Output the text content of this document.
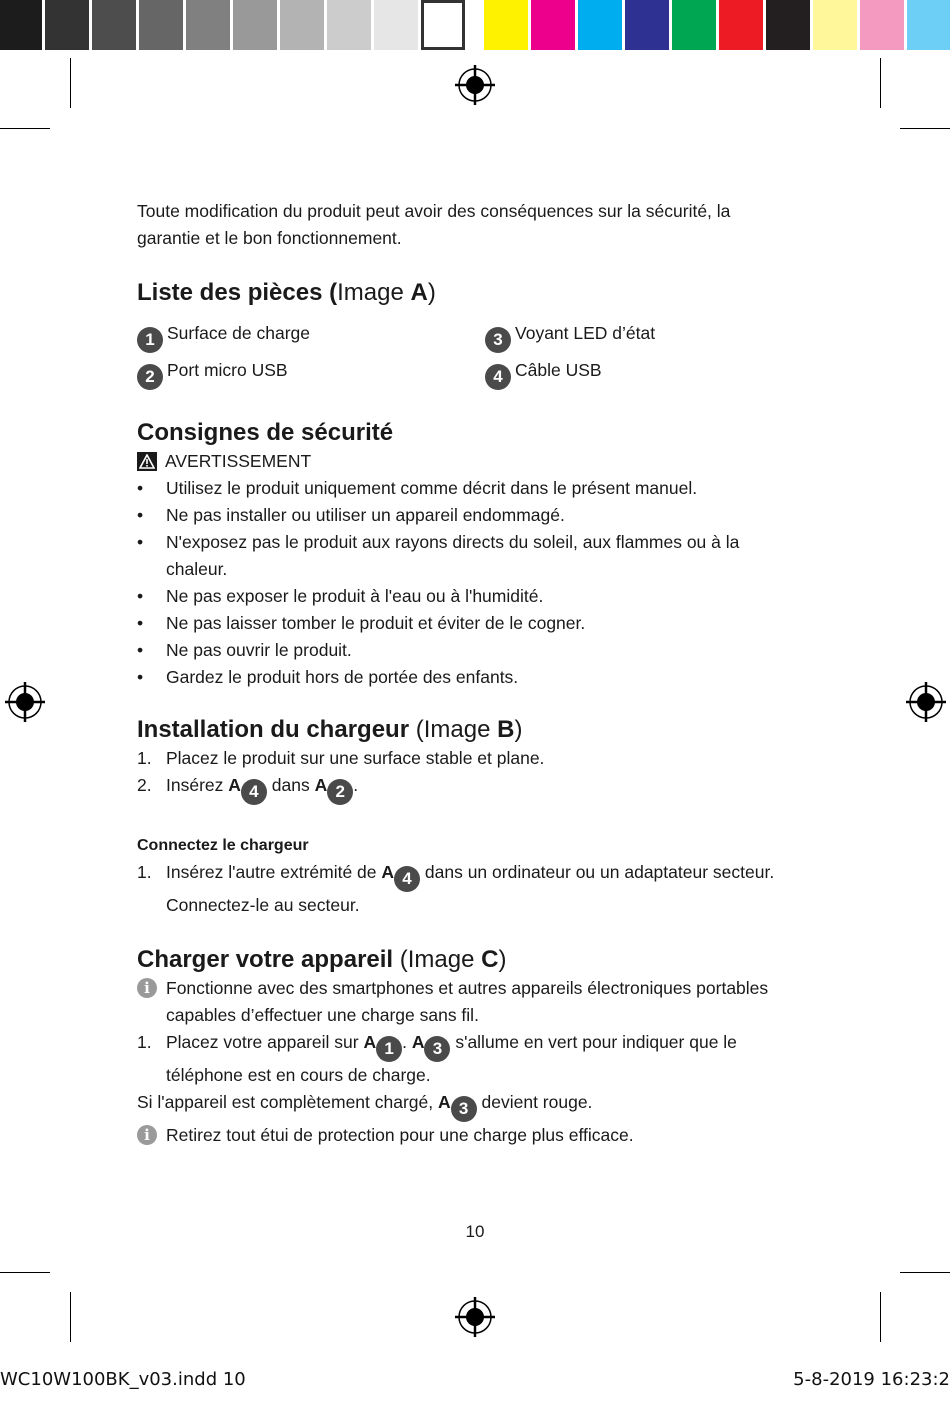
Toute modification du produit peut avoir des conséquences sur la sécurité, la garantie et le bon fonctionnement.

Liste des pièces (Image A)
1 Surface de charge	3 Voyant LED d’état
2 Port micro USB	4 Câble USB
Consignes de sécurité
AVERTISSEMENT
• Utilisez le produit uniquement comme décrit dans le présent manuel.
• Ne pas installer ou utiliser un appareil endommagé.
• N'exposez pas le produit aux rayons directs du soleil, aux flammes ou à la chaleur.
• Ne pas exposer le produit à l'eau ou à l'humidité.
• Ne pas laisser tomber le produit et éviter de le cogner.
• Ne pas ouvrir le produit.
• Gardez le produit hors de portée des enfants.
Installation du chargeur (Image B)
1. Placez le produit sur une surface stable et plane.
2. Insérez A 4 dans A 2 .
Connectez le chargeur
1. Insérez l'autre extrémité de A 4 dans un ordinateur ou un adaptateur secteur. Connectez-le au secteur.
Charger votre appareil (Image C)
i Fonctionne avec des smartphones et autres appareils électroniques portables capables d’effectuer une charge sans fil.
1. Placez votre appareil sur A 1 . A 3 s'allume en vert pour indiquer que le téléphone est en cours de charge.

Si l'appareil est complètement chargé, A 3 devient rouge.

i Retirez tout étui de protection pour une charge plus efficace.
10
WC10W100BK_v03.indd 10	5-8-2019 16:23:2
